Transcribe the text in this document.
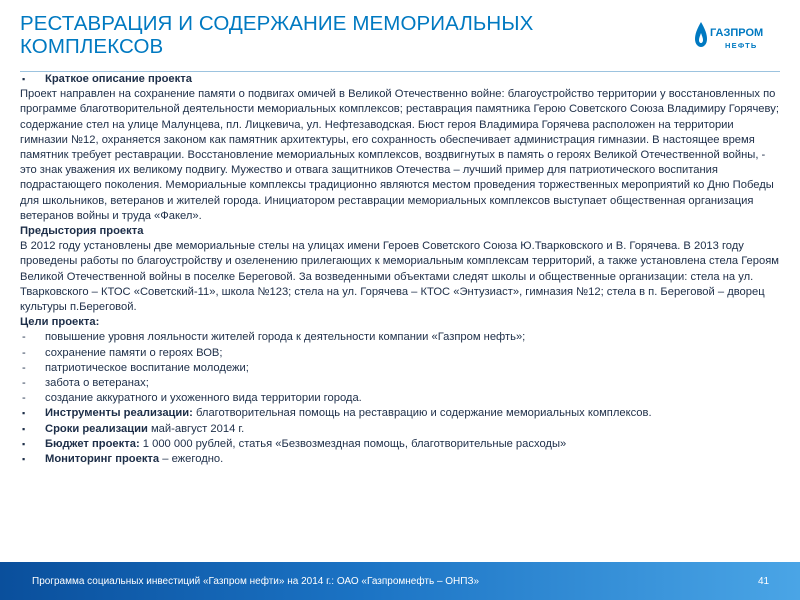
РЕСТАВРАЦИЯ И СОДЕРЖАНИЕ МЕМОРИАЛЬНЫХ
КОМПЛЕКСОВ
ГАЗПРОМ
НЕФТЬ
▪	Краткое описание проекта

Проект направлен на сохранение памяти о подвигах омичей в Великой Отечественно войне: благоустройство территории у восстановленных по программе благотворительной деятельности мемориальных комплексов; реставрация памятника Герою Советского Союза Владимиру Горячеву; содержание стел на улице Малунцева, пл. Лицкевича, ул. Нефтезаводская. Бюст героя Владимира Горячева расположен на территории гимназии №12, охраняется законом как памятник архитектуры, его сохранность обеспечивает администрация гимназии. В настоящее время памятник требует реставрации. Восстановление мемориальных комплексов, воздвигнутых в память о героях Великой Отечественной войны, - это знак уважения их великому подвигу. Мужество и отвага защитников Отечества – лучший пример для патриотического воспитания подрастающего поколения. Мемориальные комплексы традиционно являются местом проведения торжественных мероприятий ко Дню Победы для школьников, ветеранов и жителей города. Инициатором реставрации мемориальных комплексов выступает общественная организация ветеранов войны и труда «Факел».

Предыстория проекта

В 2012 году установлены две мемориальные стелы на улицах имени Героев Советского Союза Ю.Тварковского и В. Горячева. В 2013 году проведены работы по благоустройству и озеленению прилегающих к мемориальным комплексам территорий, а также установлена стела Героям Великой Отечественной войны в поселке Береговой. За возведенными объектами следят школы и общественные организации: стела на ул. Тварковского – КТОС «Советский-11», школа №123; стела на ул. Горячева – КТОС «Энтузиаст», гимназия №12; стела в п. Береговой – дворец культуры п.Береговой.

Цели проекта:

-	повышение уровня лояльности жителей города к деятельности компании «Газпром нефть»;
-	сохранение памяти о героях ВОВ;
-	патриотическое воспитание молодежи;
-	забота о ветеранах;
-	создание аккуратного и ухоженного вида территории города.
▪	Инструменты реализации: благотворительная помощь на реставрацию и содержание мемориальных комплексов.
▪	Сроки реализации май-август 2014 г.
▪	Бюджет проекта: 1 000 000 рублей, статья «Безвозмездная помощь, благотворительные расходы»
▪	Мониторинг проекта – ежегодно.
Программа социальных инвестиций «Газпром нефти» на 2014 г.: ОАО «Газпромнефть – ОНПЗ»	41
